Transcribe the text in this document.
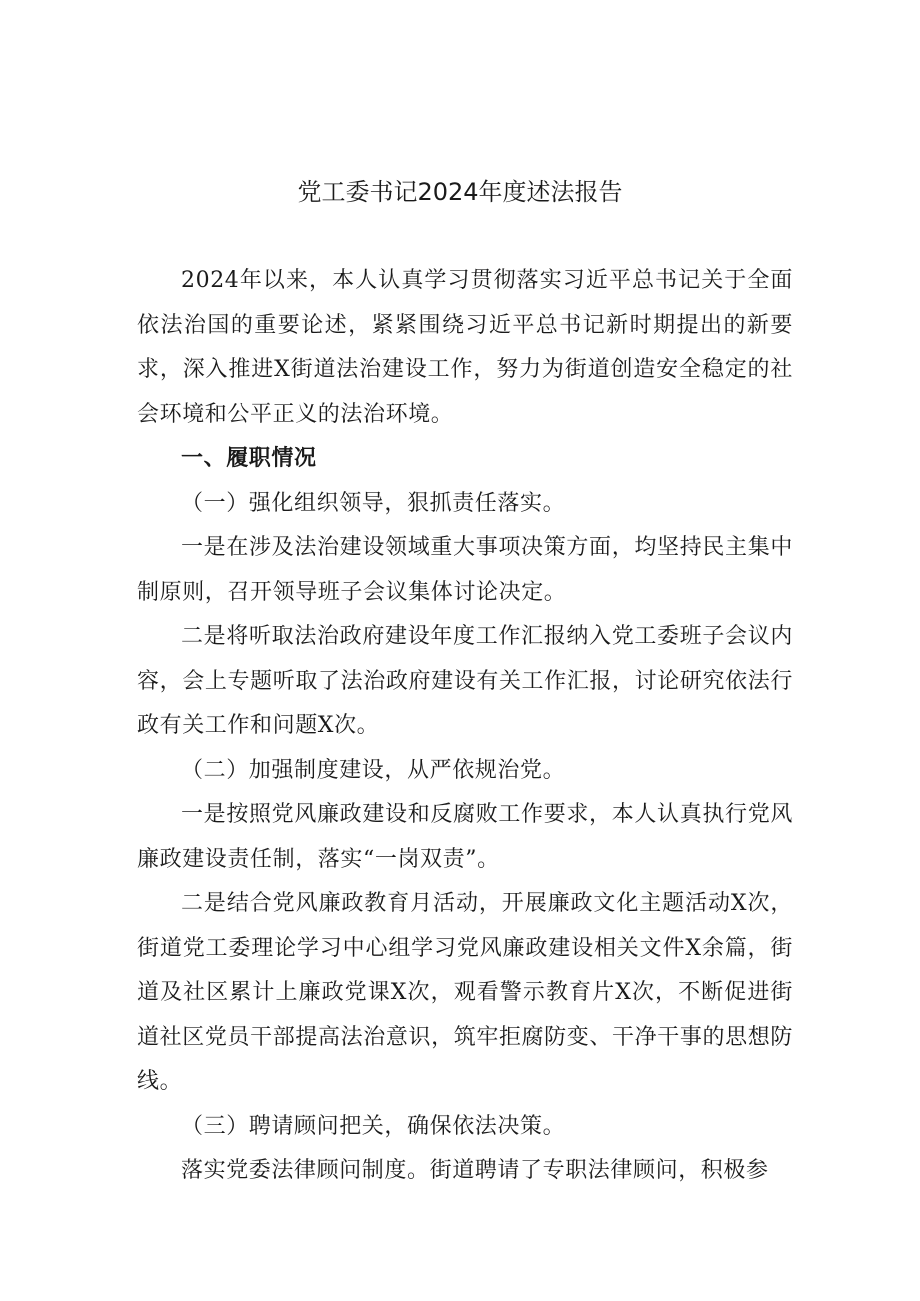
党工委书记2024年度述法报告

2024年以来，本人认真学习贯彻落实习近平总书记关于全面依法治国的重要论述，紧紧围绕习近平总书记新时期提出的新要求，深入推进X街道法治建设工作，努力为街道创造安全稳定的社会环境和公平正义的法治环境。

一、履职情况

（一）强化组织领导，狠抓责任落实。

一是在涉及法治建设领域重大事项决策方面，均坚持民主集中制原则，召开领导班子会议集体讨论决定。

二是将听取法治政府建设年度工作汇报纳入党工委班子会议内容，会上专题听取了法治政府建设有关工作汇报，讨论研究依法行政有关工作和问题X次。

（二）加强制度建设，从严依规治党。

一是按照党风廉政建设和反腐败工作要求，本人认真执行党风廉政建设责任制，落实“一岗双责”。

二是结合党风廉政教育月活动，开展廉政文化主题活动X次，街道党工委理论学习中心组学习党风廉政建设相关文件X余篇，街道及社区累计上廉政党课X次，观看警示教育片X次，不断促进街道社区党员干部提高法治意识，筑牢拒腐防变、干净干事的思想防线。

（三）聘请顾问把关，确保依法决策。

落实党委法律顾问制度。街道聘请了专职法律顾问，积极参
